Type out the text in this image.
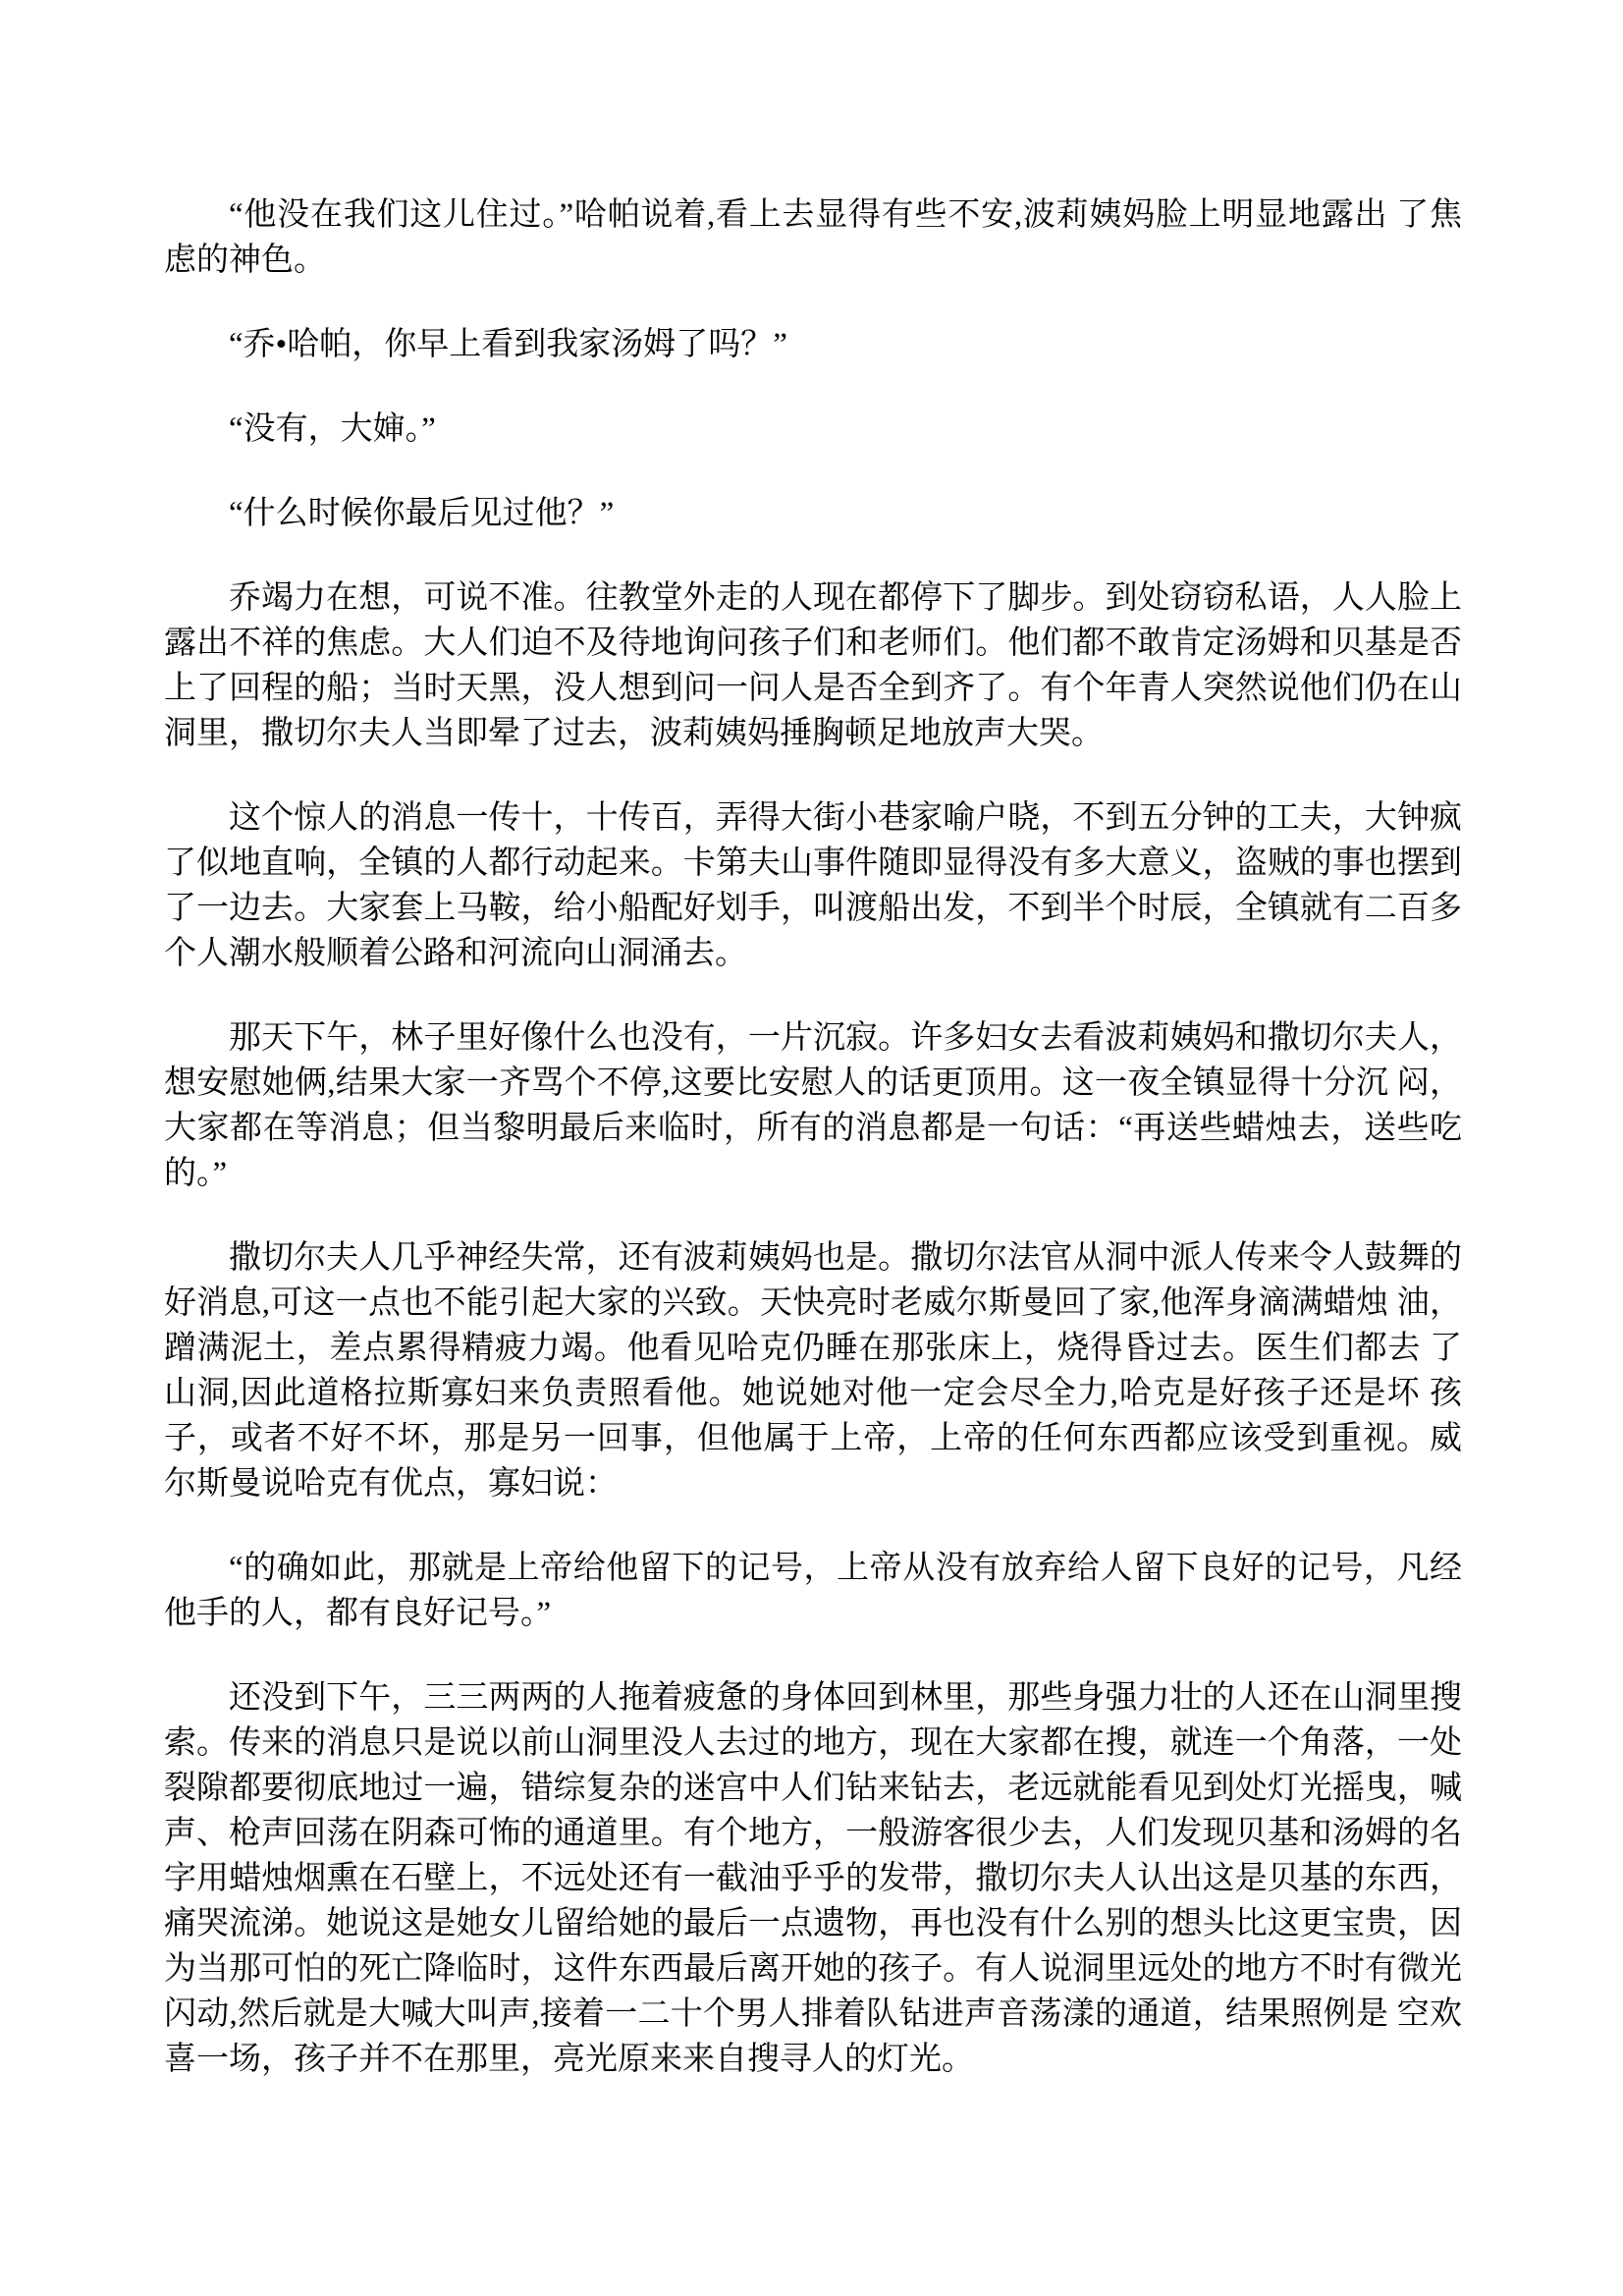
“他没在我们这儿住过。”哈帕说着,看上去显得有些不安,波莉姨妈脸上明显地露出 了焦虑的神色。

“乔•哈帕，你早上看到我家汤姆了吗？”

“没有，大婶。”

“什么时候你最后见过他？”

乔竭力在想，可说不准。往教堂外走的人现在都停下了脚步。到处窃窃私语，人人脸上露出不祥的焦虑。大人们迫不及待地询问孩子们和老师们。他们都不敢肯定汤姆和贝基是否上了回程的船；当时天黑，没人想到问一问人是否全到齐了。有个年青人突然说他们仍在山洞里，撒切尔夫人当即晕了过去，波莉姨妈捶胸顿足地放声大哭。

这个惊人的消息一传十，十传百，弄得大街小巷家喻户晓，不到五分钟的工夫，大钟疯了似地直响，全镇的人都行动起来。卡第夫山事件随即显得没有多大意义，盗贼的事也摆到了一边去。大家套上马鞍，给小船配好划手，叫渡船出发，不到半个时辰，全镇就有二百多个人潮水般顺着公路和河流向山洞涌去。

那天下午，林子里好像什么也没有，一片沉寂。许多妇女去看波莉姨妈和撒切尔夫人，想安慰她俩,结果大家一齐骂个不停,这要比安慰人的话更顶用。这一夜全镇显得十分沉 闷，大家都在等消息；但当黎明最后来临时，所有的消息都是一句话：“再送些蜡烛去，送些吃的。”

撒切尔夫人几乎神经失常，还有波莉姨妈也是。撒切尔法官从洞中派人传来令人鼓舞的好消息,可这一点也不能引起大家的兴致。天快亮时老威尔斯曼回了家,他浑身滴满蜡烛 油，蹭满泥土，差点累得精疲力竭。他看见哈克仍睡在那张床上，烧得昏过去。医生们都去 了山洞,因此道格拉斯寡妇来负责照看他。她说她对他一定会尽全力,哈克是好孩子还是坏 孩子，或者不好不坏，那是另一回事，但他属于上帝，上帝的任何东西都应该受到重视。威 尔斯曼说哈克有优点，寡妇说：

“的确如此，那就是上帝给他留下的记号，上帝从没有放弃给人留下良好的记号，凡经他手的人，都有良好记号。”

还没到下午，三三两两的人拖着疲惫的身体回到林里，那些身强力壮的人还在山洞里搜索。传来的消息只是说以前山洞里没人去过的地方，现在大家都在搜，就连一个角落，一处裂隙都要彻底地过一遍，错综复杂的迷宫中人们钻来钻去，老远就能看见到处灯光摇曳，喊声、枪声回荡在阴森可怖的通道里。有个地方，一般游客很少去，人们发现贝基和汤姆的名字用蜡烛烟熏在石壁上，不远处还有一截油乎乎的发带，撒切尔夫人认出这是贝基的东西，痛哭流涕。她说这是她女儿留给她的最后一点遗物，再也没有什么别的想头比这更宝贵，因为当那可怕的死亡降临时，这件东西最后离开她的孩子。有人说洞里远处的地方不时有微光闪动,然后就是大喊大叫声,接着一二十个男人排着队钻进声音荡漾的通道，结果照例是 空欢喜一场，孩子并不在那里，亮光原来来自搜寻人的灯光。
